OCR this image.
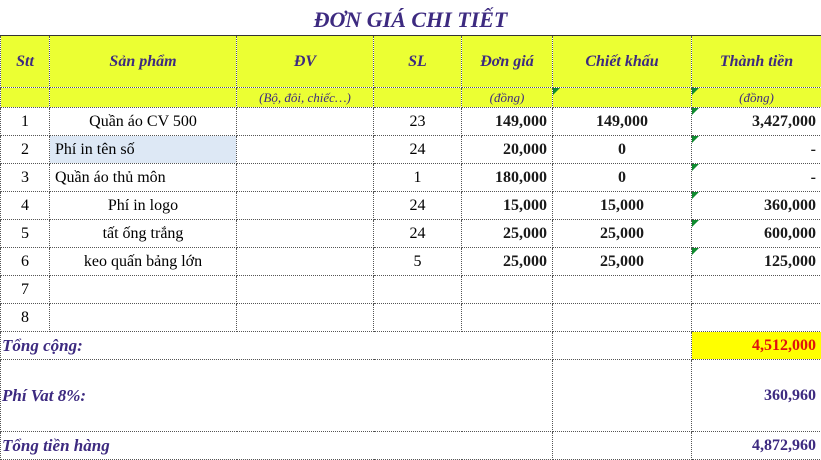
ĐƠN GIÁ CHI TIẾT
Stt	Sản phẩm	ĐV	SL	Đơn giá	Chiết khấu	Thành tiền
		(Bộ, đôi, chiếc…)		(đồng)		(đồng)
1	Quần áo CV 500		23	149,000	149,000	3,427,000
2	Phí in tên số		24	20,000	0	-
3	Quần áo thủ môn		1	180,000	0	-
4	Phí in logo		24	15,000	15,000	360,000
5	tất ống trắng		24	25,000	25,000	600,000
6	keo quấn bảng lớn		5	25,000	25,000	125,000
7						
8						
Tổng cộng:						4,512,000
Phí Vat 8%:						360,960
Tổng tiền hàng						4,872,960
